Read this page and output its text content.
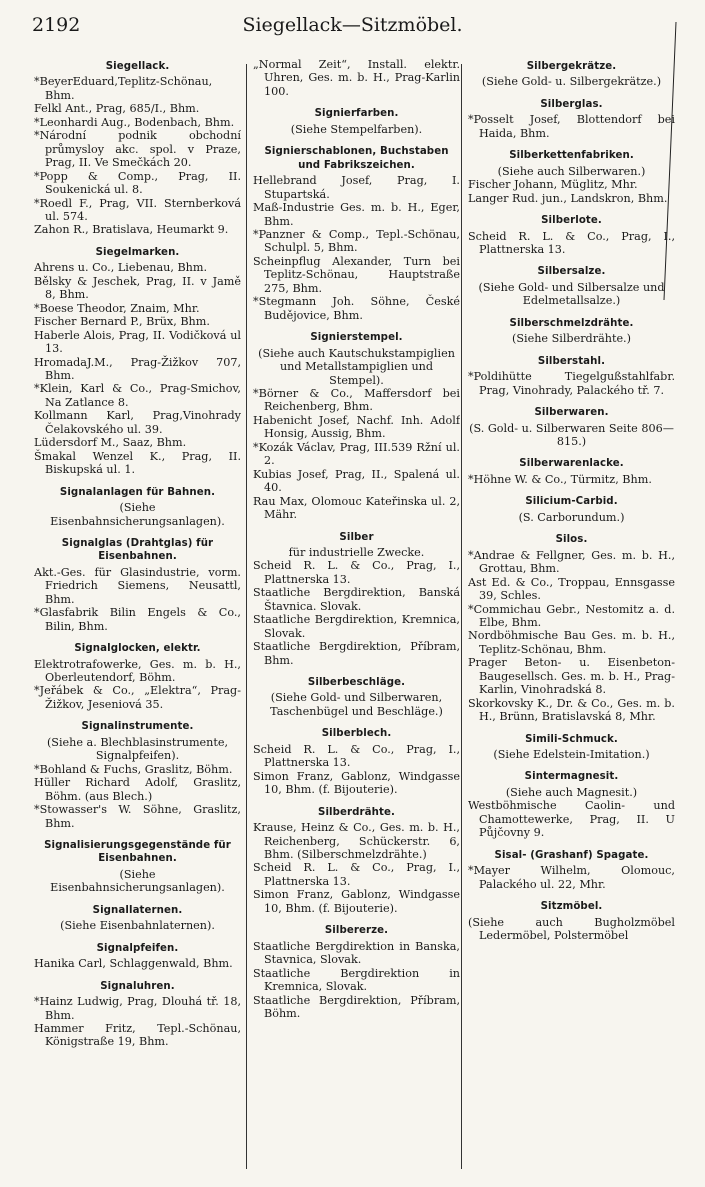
2192	Siegellack—Sitzmöbel.
Siegellack.
*BeyerEduard,Teplitz-Schönau, Bhm.
Felkl Ant., Prag, 685/I., Bhm.
*Leonhardi Aug., Bodenbach, Bhm.
*Národní podnik obchodní průmysloy akc. spol. v Praze, Prag, II. Ve Smečkách 20.
*Popp & Comp., Prag, II. Soukenická ul. 8.
*Roedl F., Prag, VII. Sternberková ul. 574.
Zahon R., Bratislava, Heumarkt 9.
Siegelmarken.
Ahrens u. Co., Liebenau, Bhm.
Bělsky & Jeschek, Prag, II. v Jamě 8, Bhm.
*Boese Theodor, Znaim, Mhr.
Fischer Bernard P., Brüx, Bhm.
Haberle Alois, Prag, II. Vodičková ul 13.
HromadaJ.M., Prag-Žižkov 707, Bhm.
*Klein, Karl & Co., Prag-Smichov, Na Zatlance 8.
Kollmann Karl, Prag,Vinohrady Čelakovského ul. 39.
Lüdersdorf M., Saaz, Bhm.
Šmakal Wenzel K., Prag, II. Biskupská ul. 1.
Signalanlagen für Bahnen.
(Siehe Eisenbahnsicherungsanlagen).
Signalglas (Drahtglas) für Eisenbahnen.
Akt.-Ges. für Glasindustrie, vorm. Friedrich Siemens, Neusattl, Bhm.
*Glasfabrik Bilin Engels & Co., Bilin, Bhm.
Signalglocken, elektr.
Elektrotrafowerke, Ges. m. b. H., Oberleutendorf, Böhm.
*Jeřábek & Co., „Elektra“, Prag-Žižkov, Jeseniová 35.
Signalinstrumente.
(Siehe a. Blechblasinstrumente, Signalpfeifen).
*Bohland & Fuchs, Graslitz, Böhm.
Hüller Richard Adolf, Graslitz, Böhm. (aus Blech.)
*Stowasser's W. Söhne, Graslitz, Bhm.
Signalisierungsgegenstände für Eisenbahnen.
(Siehe Eisenbahnsicherungsanlagen).
Signallaternen.
(Siehe Eisenbahnlaternen).
Signalpfeifen.
Hanika Carl, Schlaggenwald, Bhm.
Signaluhren.
*Hainz Ludwig, Prag, Dlouhá tř. 18, Bhm.
Hammer Fritz, Tepl.-Schönau, Königstraße 19, Bhm.
„Normal Zeit“, Install. elektr. Uhren, Ges. m. b. H., Prag-Karlin 100.
Signierfarben.
(Siehe Stempelfarben).
Signierschablonen, Buchstaben und Fabrikszeichen.
Hellebrand Josef, Prag, I. Stupartská.
Maß-Industrie Ges. m. b. H., Eger, Bhm.
*Panzner & Comp., Tepl.-Schönau, Schulpl. 5, Bhm.
Scheinpflug Alexander, Turn bei Teplitz-Schönau, Hauptstraße 275, Bhm.
*Stegmann Joh. Söhne, České Budějovice, Bhm.
Signierstempel.
(Siehe auch Kautschukstampiglien und Metallstampiglien und Stempel).
*Börner & Co., Maffersdorf bei Reichenberg, Bhm.
Habenicht Josef, Nachf. Inh. Adolf Honsig, Aussig, Bhm.
*Kozák Václav, Prag, III.539 Ržní ul. 2.
Kubias Josef, Prag, II., Spalená ul. 40.
Rau Max, Olomouc Kateřinska ul. 2, Mähr.
Silber
für industrielle Zwecke.
Scheid R. L. & Co., Prag, I., Plattnerska 13.
Staatliche Bergdirektion, Banská Štavnica. Slovak.
Staatliche Bergdirektion, Kremnica, Slovak.
Staatliche Bergdirektion, Příbram, Bhm.
Silberbeschläge.
(Siehe Gold- und Silberwaren, Taschenbügel und Beschläge.)
Silberblech.
Scheid R. L. & Co., Prag, I., Plattnerska 13.
Simon Franz, Gablonz, Windgasse 10, Bhm. (f. Bijouterie).
Silberdrähte.
Krause, Heinz & Co., Ges. m. b. H., Reichenberg, Schückerstr. 6, Bhm. (Silberschmelzdrähte.)
Scheid R. L. & Co., Prag, I., Plattnerska 13.
Simon Franz, Gablonz, Windgasse 10, Bhm. (f. Bijouterie).
Silbererze.
Staatliche Bergdirektion in Banska, Stavnica, Slovak.
Staatliche Bergdirektion in Kremnica, Slovak.
Staatliche Bergdirektion, Příbram, Böhm.
Silbergekrätze.
(Siehe Gold- u. Silbergekrätze.)
Silberglas.
*Posselt Josef, Blottendorf bei Haida, Bhm.
Silberkettenfabriken.
(Siehe auch Silberwaren.)
Fischer Johann, Müglitz, Mhr.
Langer Rud. jun., Landskron, Bhm.
Silberlote.
Scheid R. L. & Co., Prag, I., Plattnerska 13.
Silbersalze.
(Siehe Gold- und Silbersalze und Edelmetallsalze.)
Silberschmelzdrähte.
(Siehe Silberdrähte.)
Silberstahl.
*Poldihütte Tiegelgußstahlfabr. Prag, Vinohrady, Palackého tř. 7.
Silberwaren.
(S. Gold- u. Silberwaren Seite 806—815.)
Silberwarenlacke.
*Höhne W. & Co., Türmitz, Bhm.
Silicium-Carbid.
(S. Carborundum.)
Silos.
*Andrae & Fellgner, Ges. m. b. H., Grottau, Bhm.
Ast Ed. & Co., Troppau, Ennsgasse 39, Schles.
*Commichau Gebr., Nestomitz a. d. Elbe, Bhm.
Nordböhmische Bau Ges. m. b. H., Teplitz-Schönau, Bhm.
Prager Beton- u. Eisenbeton-Baugesellsch. Ges. m. b. H., Prag-Karlin, Vinohradská 8.
Skorkovsky K., Dr. & Co., Ges. m. b. H., Brünn, Bratislavská 8, Mhr.
Simili-Schmuck.
(Siehe Edelstein-Imitation.)
Sintermagnesit.
(Siehe auch Magnesit.)
Westböhmische Caolin- und Chamottewerke, Prag, II. U Půjčovny 9.
Sisal- (Grashanf) Spagate.
*Mayer Wilhelm, Olomouc, Palackého ul. 22, Mhr.
Sitzmöbel.
(Siehe auch Bugholzmöbel Ledermöbel, Polstermöbel
